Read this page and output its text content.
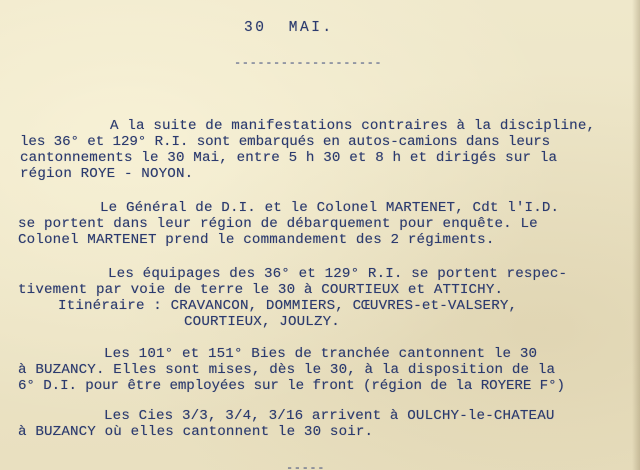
30  MAI.
-------------------
A la suite de manifestations contraires à la discipline,
les 36° et 129° R.I. sont embarqués en autos-camions dans leurs
cantonnements le 30 Mai, entre 5 h 30 et 8 h et dirigés sur la
région ROYE - NOYON.
Le Général de D.I. et le Colonel MARTENET, Cdt l'I.D.
se portent dans leur région de débarquement pour enquête. Le
Colonel MARTENET prend le commandement des 2 régiments.
Les équipages des 36° et 129° R.I. se portent respec-
tivement par voie de terre le 30 à COURTIEUX et ATTICHY.
Itinéraire : CRAVANCON, DOMMIERS, CŒUVRES-et-VALSERY,
COURTIEUX, JOULZY.
Les 101° et 151° Bies de tranchée cantonnent le 30
à BUZANCY. Elles sont mises, dès le 30, à la disposition de la
6° D.I. pour être employées sur le front (région de la ROYERE F°)
Les Cies 3/3, 3/4, 3/16 arrivent à OULCHY-le-CHATEAU
à BUZANCY où elles cantonnent le 30 soir.
-----
